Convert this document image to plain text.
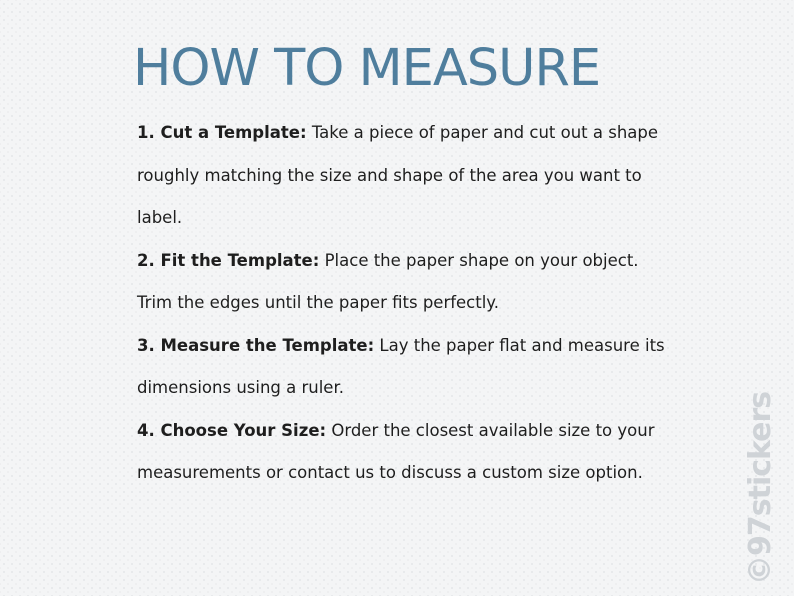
HOW TO MEASURE
1. Cut a Template: Take a piece of paper and cut out a shape roughly matching the size and shape of the area you want to label.
2. Fit the Template: Place the paper shape on your object. Trim the edges until the paper fits perfectly.
3. Measure the Template: Lay the paper flat and measure its dimensions using a ruler.
4. Choose Your Size: Order the closest available size to your measurements or contact us to discuss a custom size option.
©97stickers
